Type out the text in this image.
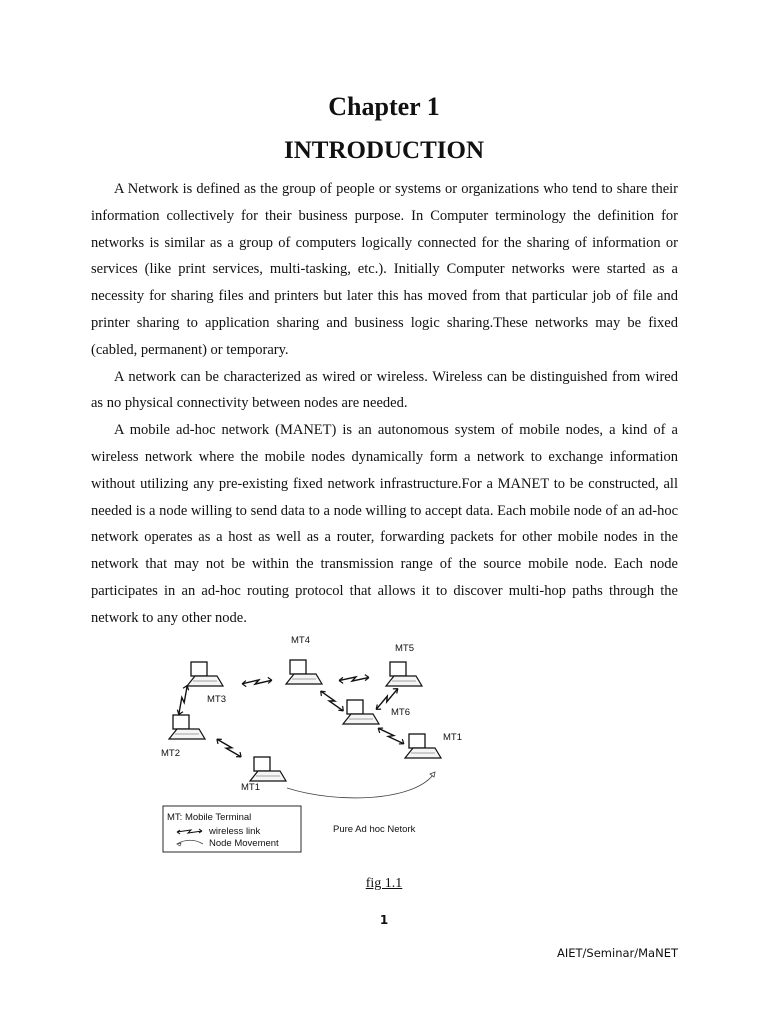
Chapter 1
INTRODUCTION

A Network is defined as the group of people or systems or organizations who tend to share their information collectively for their business purpose. In Computer terminology the definition for networks is similar as a group of computers logically connected for the sharing of information or services (like print services, multi-tasking, etc.). Initially Computer networks were started as a necessity for sharing files and printers but later this has moved from that particular job of file and printer sharing to application sharing and business logic sharing.These networks may be fixed (cabled, permanent) or temporary.

A network can be characterized as wired or wireless. Wireless can be distinguished from wired as no physical connectivity between nodes are needed.

A mobile ad-hoc network (MANET) is an autonomous system of mobile nodes, a kind of a wireless network where the mobile nodes dynamically form a network to exchange information without utilizing any pre-existing fixed network infrastructure.For a MANET to be constructed, all needed is a node willing to send data to a node willing to accept data. Each mobile node of an ad-hoc network operates as a host as well as a router, forwarding packets for other mobile nodes in the network that may not be within the transmission range of the source mobile node. Each node participates in an ad-hoc routing protocol that allows it to discover multi-hop paths through the network to any other node.

MT4
MT5
MT3
MT6
MT2
MT1
MT1
MT: Mobile Terminal
wireless link
Node Movement
Pure Ad hoc Netork
fig 1.1
1
AIET/Seminar/MaNET
